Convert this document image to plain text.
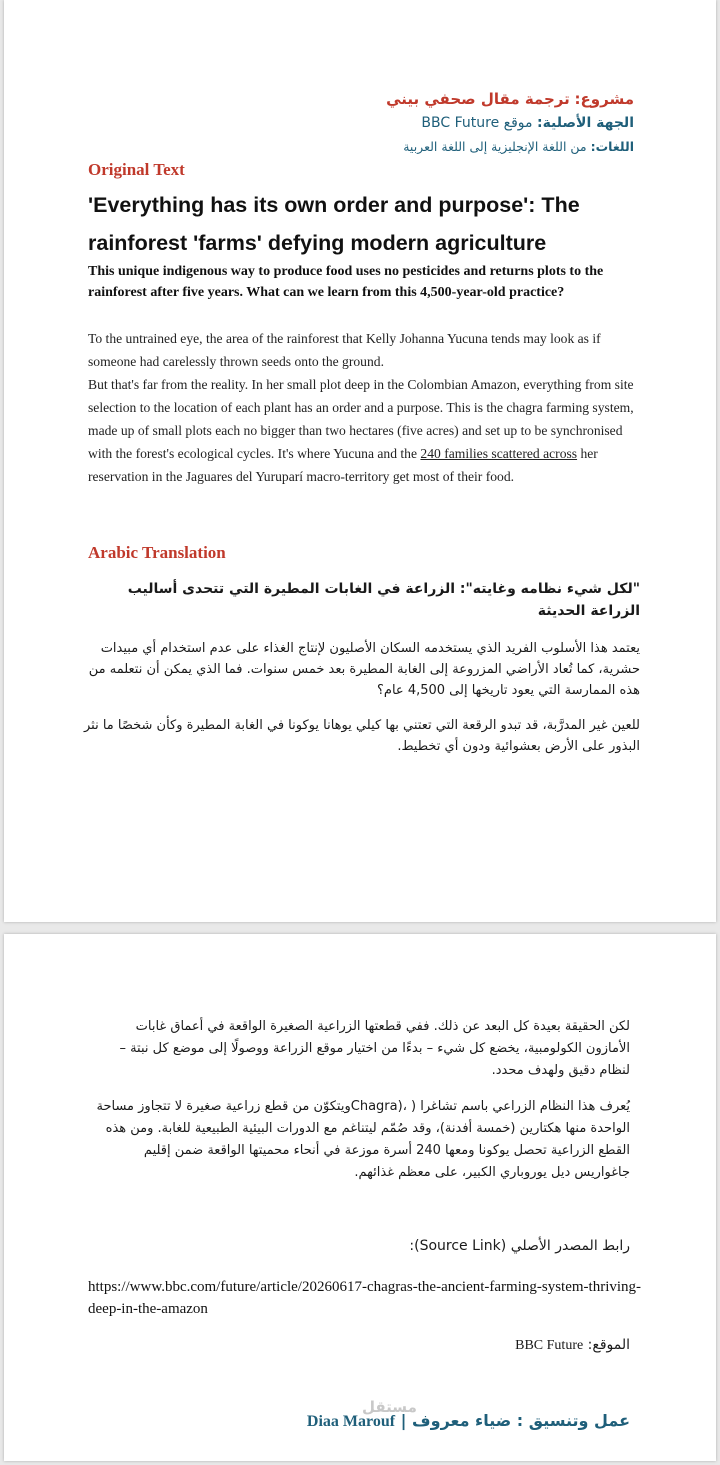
مشروع: ترجمة مقال صحفي بيني
الجهة الأصلية: موقع BBC Future
اللغات: من اللغة الإنجليزية إلى اللغة العربية
Original Text
'Everything has its own order and purpose': The rainforest 'farms' defying modern agriculture
This unique indigenous way to produce food uses no pesticides and returns plots to the rainforest after five years. What can we learn from this 4,500-year-old practice?

To the untrained eye, the area of the rainforest that Kelly Johanna Yucuna tends may look as if someone had carelessly thrown seeds onto the ground.

But that's far from the reality. In her small plot deep in the Colombian Amazon, everything from site selection to the location of each plant has an order and a purpose. This is the chagra farming system, made up of small plots each no bigger than two hectares (five acres) and set up to be synchronised with the forest's ecological cycles. It's where Yucuna and the 240 families scattered across her reservation in the Jaguares del Yuruparí macro-territory get most of their food.

Arabic Translation
"لكل شيء نظامه وغايته": الزراعة في الغابات المطيرة التي تتحدى أساليب الزراعة الحديثة

يعتمد هذا الأسلوب الفريد الذي يستخدمه السكان الأصليون لإنتاج الغذاء على عدم استخدام أي مبيدات حشرية، كما تُعاد الأراضي المزروعة إلى الغابة المطيرة بعد خمس سنوات. فما الذي يمكن أن نتعلمه من هذه الممارسة التي يعود تاريخها إلى 4,500 عام؟

للعين غير المدرَّبة، قد تبدو الرقعة التي تعتني بها كيلي يوهانا يوكونا في الغابة المطيرة وكأن شخصًا ما نثر البذور على الأرض بعشوائية ودون أي تخطيط.

لكن الحقيقة بعيدة كل البعد عن ذلك. ففي قطعتها الزراعية الصغيرة الواقعة في أعماق غابات الأمازون الكولومبية، يخضع كل شيء – بدءًا من اختيار موقع الزراعة ووصولًا إلى موضع كل نبتة – لنظام دقيق ولهدف محدد.

يُعرف هذا النظام الزراعي باسم تشاغرا ( ،(Chagraويتكوّن من قطع زراعية صغيرة لا تتجاوز مساحة الواحدة منها هكتارين (خمسة أفدنة)، وقد صُمّم ليتناغم مع الدورات البيئية الطبيعية للغابة. ومن هذه القطع الزراعية تحصل يوكونا ومعها 240 أسرة موزعة في أنحاء محميتها الواقعة ضمن إقليم جاغواريس ديل يوروباري الكبير، على معظم غذائهم.

رابط المصدر الأصلي (Source Link):
https://www.bbc.com/future/article/20260617-chagras-the-ancient-farming-system-thriving-deep-in-the-amazon
الموقع: BBC Future
مستقل
عمل وتنسيق : ضياء معروف | Diaa Marouf
